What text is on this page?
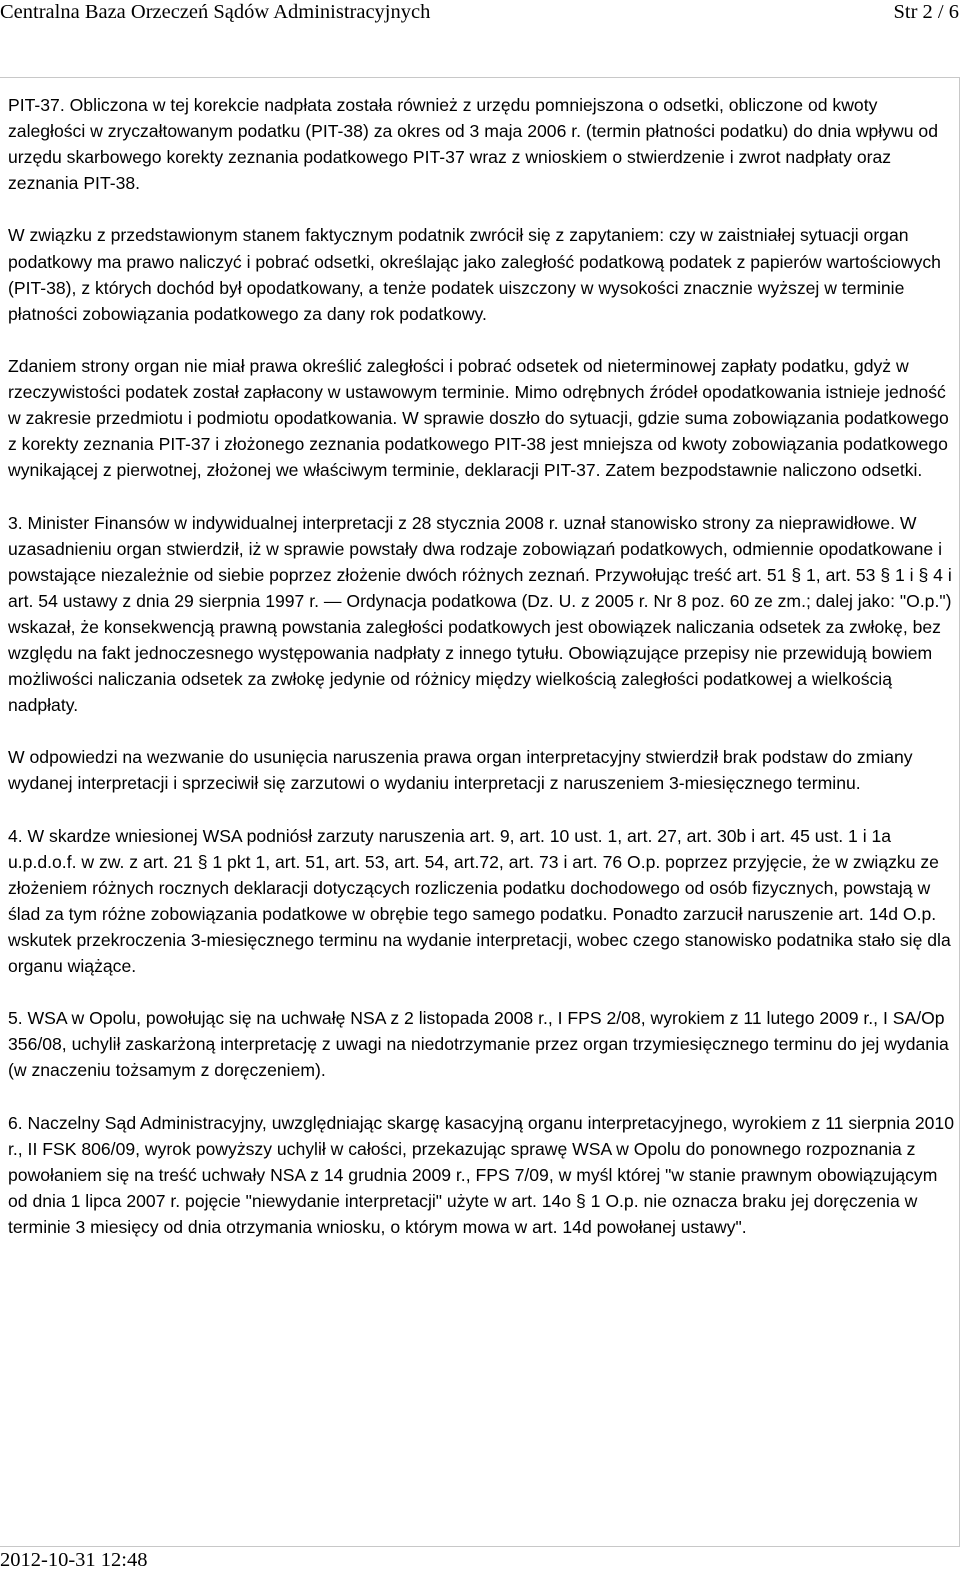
Centralna Baza Orzeczeń Sądów Administracyjnych	Str 2 / 6

PIT-37. Obliczona w tej korekcie nadpłata została również z urzędu pomniejszona o odsetki, obliczone od kwoty zaległości w zryczałtowanym podatku (PIT-38) za okres od 3 maja 2006 r. (termin płatności podatku) do dnia wpływu od urzędu skarbowego korekty zeznania podatkowego PIT-37 wraz z wnioskiem o stwierdzenie i zwrot nadpłaty oraz zeznania PIT-38.

W związku z przedstawionym stanem faktycznym podatnik zwrócił się z zapytaniem: czy w zaistniałej sytuacji organ podatkowy ma prawo naliczyć i pobrać odsetki, określając jako zaległość podatkową podatek z papierów wartościowych (PIT-38), z których dochód był opodatkowany, a tenże podatek uiszczony w wysokości znacznie wyższej w terminie płatności zobowiązania podatkowego za dany rok podatkowy.

Zdaniem strony organ nie miał prawa określić zaległości i pobrać odsetek od nieterminowej zapłaty podatku, gdyż w rzeczywistości podatek został zapłacony w ustawowym terminie. Mimo odrębnych źródeł opodatkowania istnieje jedność w zakresie przedmiotu i podmiotu opodatkowania. W sprawie doszło do sytuacji, gdzie suma zobowiązania podatkowego z korekty zeznania PIT-37 i złożonego zeznania podatkowego PIT-38 jest mniejsza od kwoty zobowiązania podatkowego wynikającej z pierwotnej, złożonej we właściwym terminie, deklaracji PIT-37. Zatem bezpodstawnie naliczono odsetki.

3. Minister Finansów w indywidualnej interpretacji z 28 stycznia 2008 r. uznał stanowisko strony za nieprawidłowe. W uzasadnieniu organ stwierdził, iż w sprawie powstały dwa rodzaje zobowiązań podatkowych, odmiennie opodatkowane i powstające niezależnie od siebie poprzez złożenie dwóch różnych zeznań. Przywołując treść art. 51 § 1, art. 53 § 1 i § 4 i art. 54 ustawy z dnia 29 sierpnia 1997 r. — Ordynacja podatkowa (Dz. U. z 2005 r. Nr 8 poz. 60 ze zm.; dalej jako: "O.p.") wskazał, że konsekwencją prawną powstania zaległości podatkowych jest obowiązek naliczania odsetek za zwłokę, bez względu na fakt jednoczesnego występowania nadpłaty z innego tytułu. Obowiązujące przepisy nie przewidują bowiem możliwości naliczania odsetek za zwłokę jedynie od różnicy między wielkością zaległości podatkowej a wielkością nadpłaty.

W odpowiedzi na wezwanie do usunięcia naruszenia prawa organ interpretacyjny stwierdził brak podstaw do zmiany wydanej interpretacji i sprzeciwił się zarzutowi o wydaniu interpretacji z naruszeniem 3-miesięcznego terminu.

4. W skardze wniesionej WSA podniósł zarzuty naruszenia art. 9, art. 10 ust. 1, art. 27, art. 30b i art. 45 ust. 1 i 1a u.p.d.o.f. w zw. z art. 21 § 1 pkt 1, art. 51, art. 53, art. 54, art.72, art. 73 i art. 76 O.p. poprzez przyjęcie, że w związku ze złożeniem różnych rocznych deklaracji dotyczących rozliczenia podatku dochodowego od osób fizycznych, powstają w ślad za tym różne zobowiązania podatkowe w obrębie tego samego podatku. Ponadto zarzucił naruszenie art. 14d O.p. wskutek przekroczenia 3-miesięcznego terminu na wydanie interpretacji, wobec czego stanowisko podatnika stało się dla organu wiążące.

5. WSA w Opolu, powołując się na uchwałę NSA z 2 listopada 2008 r., I FPS 2/08, wyrokiem z 11 lutego 2009 r., I SA/Op 356/08, uchylił zaskarżoną interpretację z uwagi na niedotrzymanie przez organ trzymiesięcznego terminu do jej wydania (w znaczeniu tożsamym z doręczeniem).

6. Naczelny Sąd Administracyjny, uwzględniając skargę kasacyjną organu interpretacyjnego, wyrokiem z 11 sierpnia 2010 r., II FSK 806/09, wyrok powyższy uchylił w całości, przekazując sprawę WSA w Opolu do ponownego rozpoznania z powołaniem się na treść uchwały NSA z 14 grudnia 2009 r., FPS 7/09, w myśl której "w stanie prawnym obowiązującym od dnia 1 lipca 2007 r. pojęcie "niewydanie interpretacji" użyte w art. 14o § 1 O.p. nie oznacza braku jej doręczenia w terminie 3 miesięcy od dnia otrzymania wniosku, o którym mowa w art. 14d powołanej ustawy".

2012-10-31 12:48
